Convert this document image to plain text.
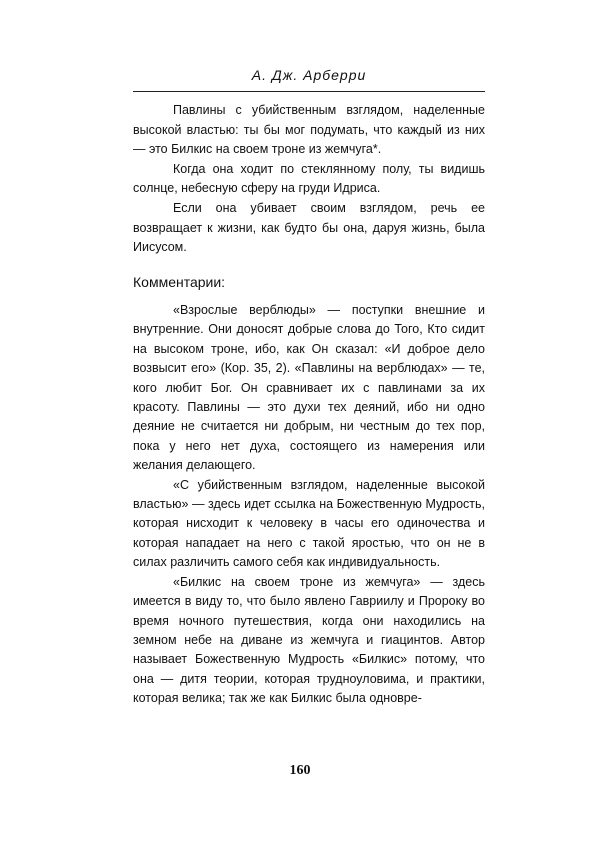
А. Дж. Арберри

Павлины с убийственным взглядом, наделенные высокой властью: ты бы мог подумать, что каждый из них — это Билкис на своем троне из жемчуга*.

Когда она ходит по стеклянному полу, ты видишь солнце, небесную сферу на груди Идриса.

Если она убивает своим взглядом, речь ее возвращает к жизни, как будто бы она, даруя жизнь, была Иисусом.

Комментарии:

«Взрослые верблюды» — поступки внешние и внутренние. Они доносят добрые слова до Того, Кто сидит на высоком троне, ибо, как Он сказал: «И доброе дело возвысит его» (Кор. 35, 2). «Павлины на верблюдах» — те, кого любит Бог. Он сравнивает их с павлинами за их красоту. Павлины — это духи тех деяний, ибо ни одно деяние не считается ни добрым, ни честным до тех пор, пока у него нет духа, состоящего из намерения или желания делающего.

«С убийственным взглядом, наделенные высокой властью» — здесь идет ссылка на Божественную Мудрость, которая нисходит к человеку в часы его одиночества и которая нападает на него с такой яростью, что он не в силах различить самого себя как индивидуальность.

«Билкис на своем троне из жемчуга» — здесь имеется в виду то, что было явлено Гавриилу и Пророку во время ночного путешествия, когда они находились на земном небе на диване из жемчуга и гиацинтов. Автор называет Божественную Мудрость «Билкис» потому, что она — дитя теории, которая трудноуловима, и практики, которая велика; так же как Билкис была одновре-

160
